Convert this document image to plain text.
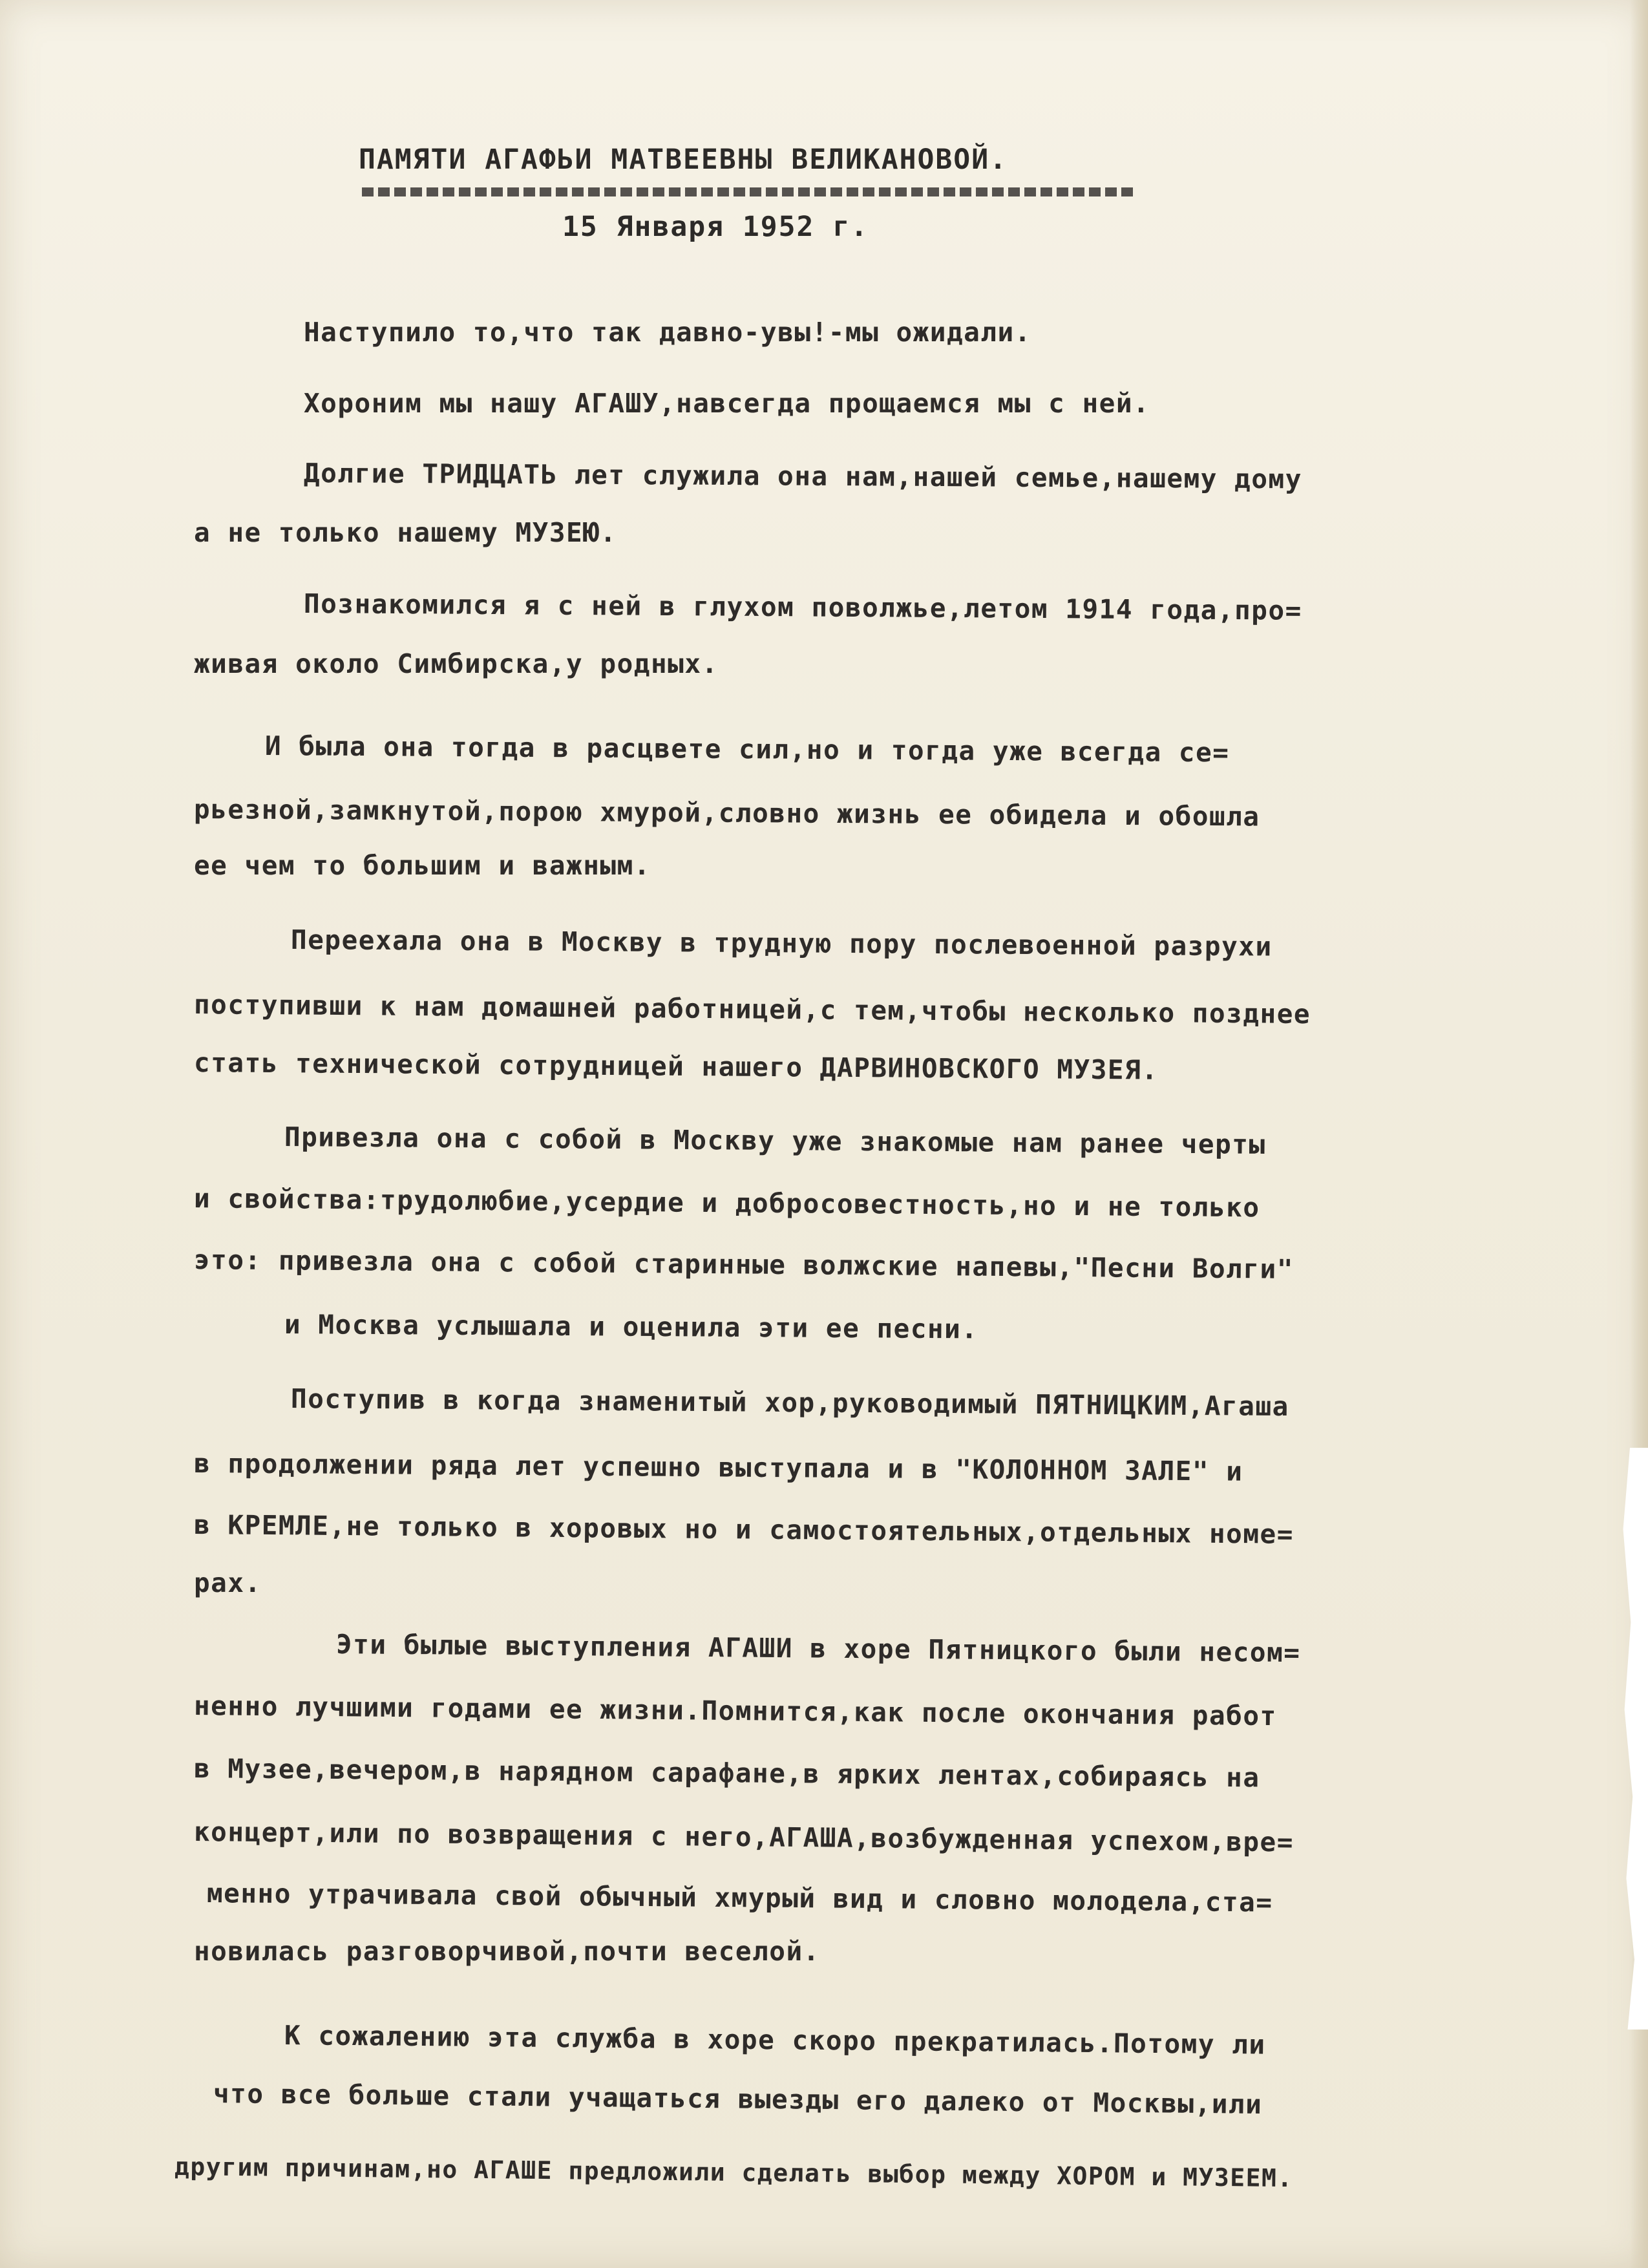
ПАМЯТИ АГАФЬИ МАТВЕЕВНЫ ВЕЛИКАНОВОЙ.
15 Января 1952 г.
Наступило то,что так давно-увы!-мы ожидали.
Хороним мы нашу АГАШУ,навсегда прощаемся мы с ней.
Долгие ТРИДЦАТЬ лет служила она нам,нашей семье,нашему дому
а не только нашему МУЗЕЮ.
Познакомился я с ней в глухом поволжье,летом 1914 года,про=
живая около Симбирска,у родных.
И была она тогда в расцвете сил,но и тогда уже всегда се=
рьезной,замкнутой,порою хмурой,словно жизнь ее обидела и обошла
ее чем то большим и важным.
Переехала она в Москву в трудную пору послевоенной разрухи
поступивши к нам домашней работницей,с тем,чтобы несколько позднее
стать технической сотрудницей нашего ДАРВИНОВСКОГО МУЗЕЯ.
Привезла она с собой в Москву уже знакомые нам ранее черты
и свойства:трудолюбие,усердие и добросовестность,но и не только
это: привезла она с собой старинные волжские напевы,"Песни Волги"
и Москва услышала и оценила эти ее песни.
Поступив в когда знаменитый хор,руководимый ПЯТНИЦКИМ,Агаша
в продолжении ряда лет успешно выступала и в "КОЛОННОМ ЗАЛЕ" и
в КРЕМЛЕ,не только в хоровых но и самостоятельных,отдельных номе=
рах.
Эти былые выступления АГАШИ в хоре Пятницкого были несом=
ненно лучшими годами ее жизни.Помнится,как после окончания работ
в Музее,вечером,в нарядном сарафане,в ярких лентах,собираясь на
концерт,или по возвращения с него,АГАША,возбужденная успехом,вре=
менно утрачивала свой обычный хмурый вид и словно молодела,ста=
новилась разговорчивой,почти веселой.
К сожалению эта служба в хоре скоро прекратилась.Потому ли
что все больше стали учащаться выезды его далеко от Москвы,или
другим причинам,но АГАШЕ предложили сделать выбор между ХОРОМ и МУЗЕЕМ.
